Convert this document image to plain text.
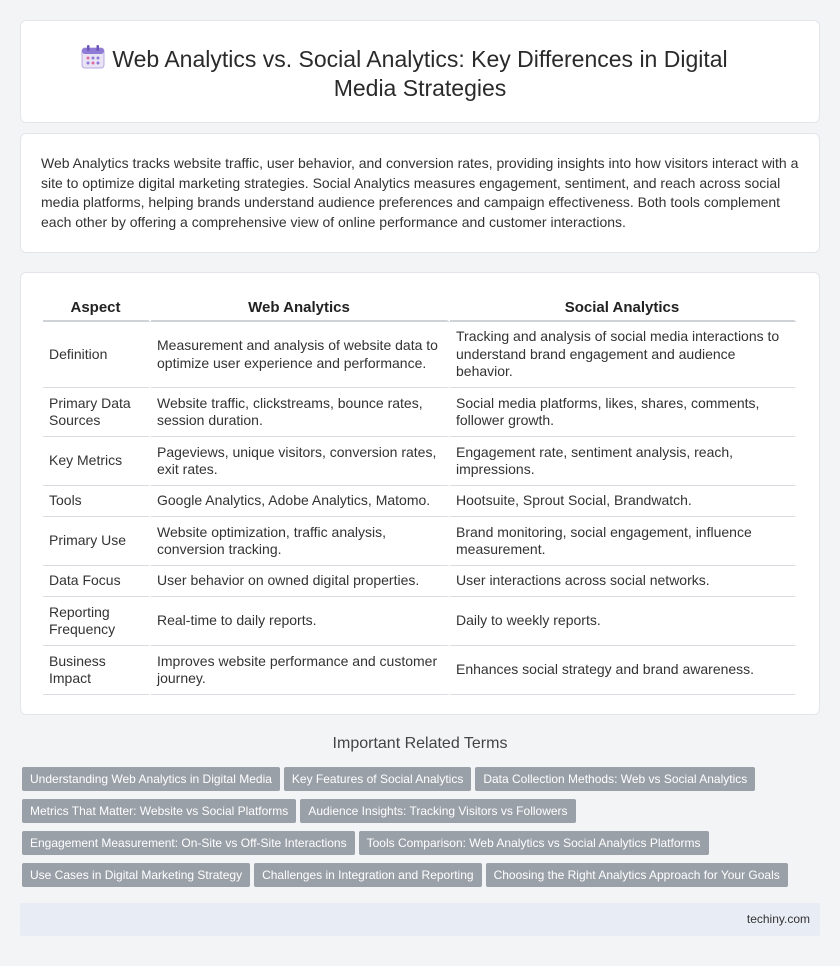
Web Analytics vs. Social Analytics: Key Differences in Digital Media Strategies

Web Analytics tracks website traffic, user behavior, and conversion rates, providing insights into how visitors interact with a site to optimize digital marketing strategies. Social Analytics measures engagement, sentiment, and reach across social media platforms, helping brands understand audience preferences and campaign effectiveness. Both tools complement each other by offering a comprehensive view of online performance and customer interactions.

Aspect	Web Analytics	Social Analytics
Definition	Measurement and analysis of website data to optimize user experience and performance.	Tracking and analysis of social media interactions to understand brand engagement and audience behavior.
Primary Data Sources	Website traffic, clickstreams, bounce rates, session duration.	Social media platforms, likes, shares, comments, follower growth.
Key Metrics	Pageviews, unique visitors, conversion rates, exit rates.	Engagement rate, sentiment analysis, reach, impressions.
Tools	Google Analytics, Adobe Analytics, Matomo.	Hootsuite, Sprout Social, Brandwatch.
Primary Use	Website optimization, traffic analysis, conversion tracking.	Brand monitoring, social engagement, influence measurement.
Data Focus	User behavior on owned digital properties.	User interactions across social networks.
Reporting Frequency	Real-time to daily reports.	Daily to weekly reports.
Business Impact	Improves website performance and customer journey.	Enhances social strategy and brand awareness.
Important Related Terms
Understanding Web Analytics in Digital Media Key Features of Social Analytics Data Collection Methods: Web vs Social Analytics
Metrics That Matter: Website vs Social Platforms Audience Insights: Tracking Visitors vs Followers
Engagement Measurement: On-Site vs Off-Site Interactions Tools Comparison: Web Analytics vs Social Analytics Platforms
Use Cases in Digital Marketing Strategy Challenges in Integration and Reporting Choosing the Right Analytics Approach for Your Goals
techiny.com
